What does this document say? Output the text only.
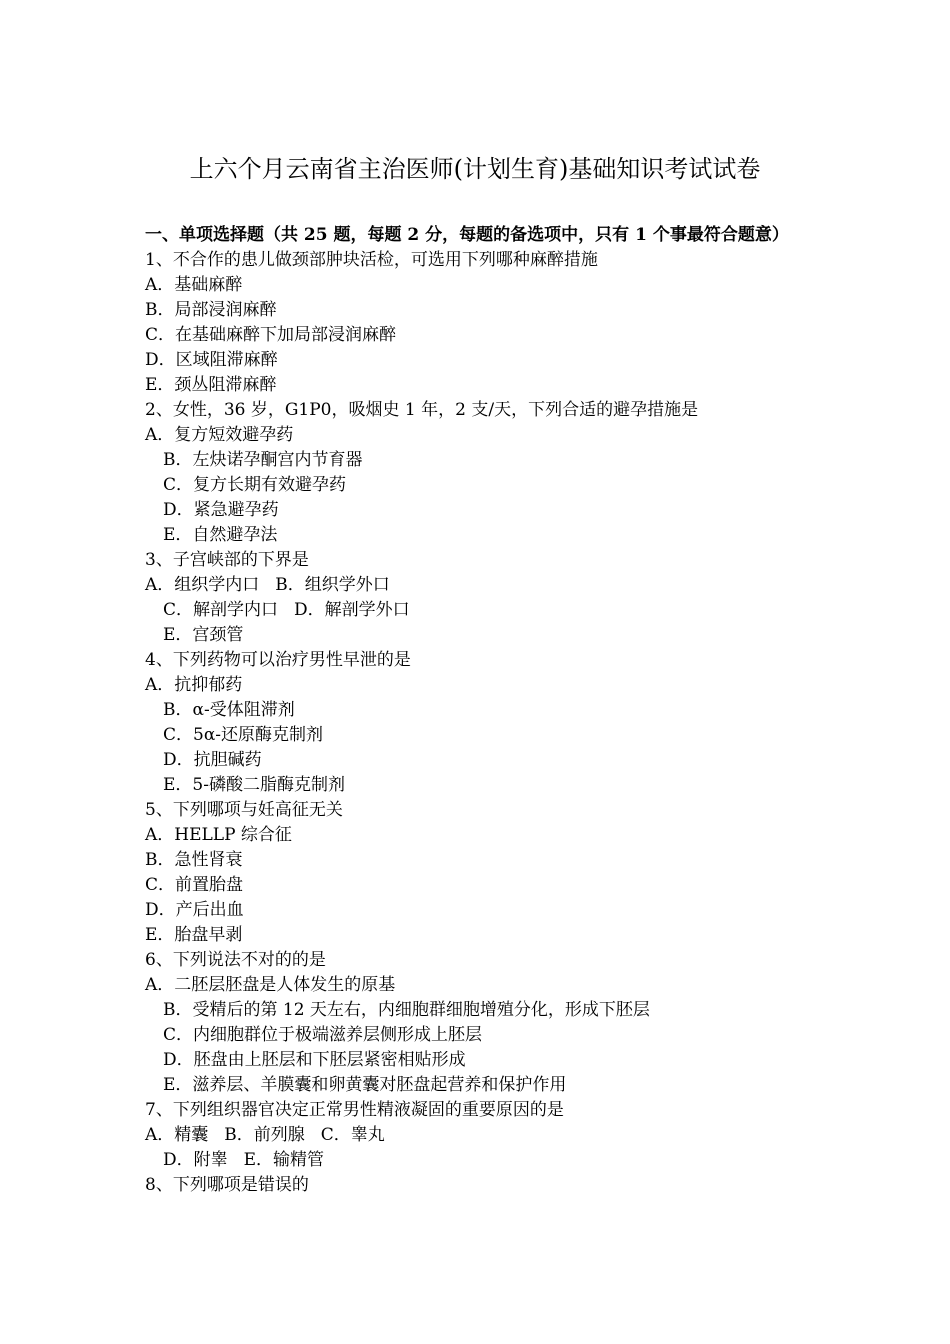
上六个月云南省主治医师(计划生育)基础知识考试试卷

一、单项选择题（共 25 题，每题 2 分，每题的备选项中，只有 1 个事最符合题意）

1、不合作的患儿做颈部肿块活检，可选用下列哪种麻醉措施
A．基础麻醉
B．局部浸润麻醉
C．在基础麻醉下加局部浸润麻醉
D．区域阻滞麻醉
E．颈丛阻滞麻醉
2、女性，36 岁，G1P0，吸烟史 1 年，2 支/天，下列合适的避孕措施是
A．复方短效避孕药
B．左炔诺孕酮宫内节育器
C．复方长期有效避孕药
D．紧急避孕药
E．自然避孕法
3、子宫峡部的下界是
A．组织学内口 B．组织学外口
C．解剖学内口 D．解剖学外口
E．宫颈管
4、下列药物可以治疗男性早泄的是
A．抗抑郁药
B．α-受体阻滞剂
C．5α-还原酶克制剂
D．抗胆碱药
E．5-磷酸二脂酶克制剂
5、下列哪项与妊高征无关
A．HELLP 综合征
B．急性肾衰
C．前置胎盘
D．产后出血
E．胎盘早剥
6、下列说法不对的的是
A．二胚层胚盘是人体发生的原基
B．受精后的第 12 天左右，内细胞群细胞增殖分化，形成下胚层
C．内细胞群位于极端滋养层侧形成上胚层
D．胚盘由上胚层和下胚层紧密相贴形成
E．滋养层、羊膜囊和卵黄囊对胚盘起营养和保护作用
7、下列组织器官决定正常男性精液凝固的重要原因的是
A．精囊 B．前列腺 C．睾丸
D．附睾 E．输精管
8、下列哪项是错误的
